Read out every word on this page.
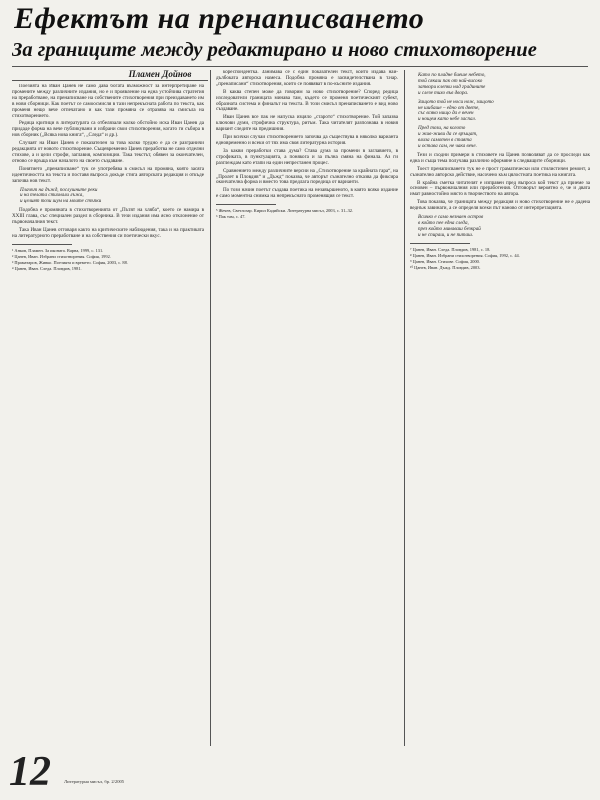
Ефектът на пренаписването
За границите между редактирано и ново стихотворение
Пламен Дойнов

Поезията на Иван Цанев не само дава богата възможност за интерпретиране на промените между различните издания, но е и проявление на една устойчива стратегия на преработване, на пренаписване на собствените стихотворения при преиздаването им в нови сборници. Как поетът се самоосмисля в тази непрекъсната работа по текста, как променя нещо вече отпечатано и как тази промяна се отразява на смисъла на стихотворението.

Редица критици в литературата са отбелязали колко обстойно иска Иван Цанев да придаде форма на вече публикувани и избрани свои стихотворения, когато ги събира в нов сборник („Всяка нова книга“, „Следа“ и др.).

Случаят на Иван Цанев е показателен за това колко трудно е да се разграничи редакцията от новото стихотворение. Същевременно Цанев преработва не само отделни стихове, а и цели строфи, заглавия, композиции. Така текстът, обявен за окончателен, отново се връща към началото на своето създаване.

Понятието „пренаписване“ тук се употребява в смисъл на промяна, която засяга идентичността на текста и поставя въпроса докъде стига авторската редакция и откъде започва нов текст.

Плачът на дъжд, послушните реки
и на телата стихнали лъжа,
и целият този шум на моите стъпки

Подобна е промяната в стихотворенията от „Пътят на хляба“, което се намира в XXIII глава, със специален раздел в сборника. В тези издания има ясно отклонение от първоначалния текст.

Така Иван Цанев отговаря както на критическите наблюдения, така и на практиката на литературното преработване и на собствения си поетически вкус.

¹ Анков, Пламен. За иконата. Варна, 1999, с. 131.

² Цанев, Иван. Избрани стихотворения. София, 1992.

³ Праматаров, Живко. Поезията и времето. София, 2003, с. 88.

⁴ Цанев, Иван. Следа. Пловдив, 1981.

кореспондентка. Занимава се с един показателен текст, който издава най-дълбоката авторска намеса. Подобна промяна е засвидетелствана в т.нар. „пренаписани“ стихотворения, които се появяват в по-късните издания.

В каква степен може да говорим за ново стихотворение? Според редица изследователи границата минава там, където се променя поетическият субект, образната система и финалът на текста. В този смисъл пренаписването е вид ново създаване.

Иван Цанев все пак не напуска изцяло „старото“ стихотворение. Той запазва ключови думи, строфична структура, ритъм. Така читателят разпознава в новия вариант следите на предишния.

При всички случаи стихотворението започва да съществува в няколко варианта едновременно и всеки от тях има своя литературна история.

За какви преработки става дума? Става дума за промени в заглавието, в строфиката, в пунктуацията, а понякога и за пълна смяна на финала. Аз ги разглеждам като етапи на един непрестанен процес.

Сравнението между различните версии на „Стихотворение за крайната гара“, на „Пролет в Пловдив“ и „Дъжд“ показва, че авторът съзнателно отказва да фиксира окончателна форма и вместо това предлага поредица от варианти.

По този начин поетът създава поетика на незавършеното, в която всяко издание е само моментна снимка на непрекъснато променящия се текст.

⁵ Жечев, Светлозар. Кирил Кадийски. Литературна мисъл, 2003, с. 31–32.

⁶ Пак там, с. 47.

Като по пладне биеше небето,
той сякаш пак от най-високо
затвори клепки над градините
и слезе тихо във двора.

Защото той не носи нож, защото
не шибаше – едно от двете,
със всяко нищо да е вечен
и нощем като небе заспал.

Пред този, на когото
и жив-живи да се връщат,
влиза самотен в стаята
и остава сам, не чака вече.

Тези и сходни примери в стиховете на Цанев позволяват да се проследи как една и съща тема получава различно оформяне в следващите сборници.

Тоест пренаписването тук не е прост граматически или стилистичен ремонт, а съзнателно авторско действие, насочено към цялостната поетика на книгата.

В крайна сметка читателят е изправен пред въпроса кой текст да приеме за основен – първоначалния или преработения. Отговорът вероятно е, че и двата имат равностойно място в творчеството на автора.

Това показва, че границата между редакция и ново стихотворение не е дадена веднъж завинаги, а се определя всеки път наново от интерпретацията.

Всичко е само незнаен остров
в който пее една следа,
през който минаваш безкрай
и не спираш, и не питаш.

⁷ Цанев, Иван. Следа. Пловдив, 1981, с. 18.

⁸ Цанев, Иван. Избрани стихотворения. София, 1992, с. 44.

⁹ Цанев, Иван. Стихове. София, 2000.

¹⁰ Цанев, Иван. Дъжд. Пловдив, 2003.

12	Литературна мисъл, бр. 2/2005
